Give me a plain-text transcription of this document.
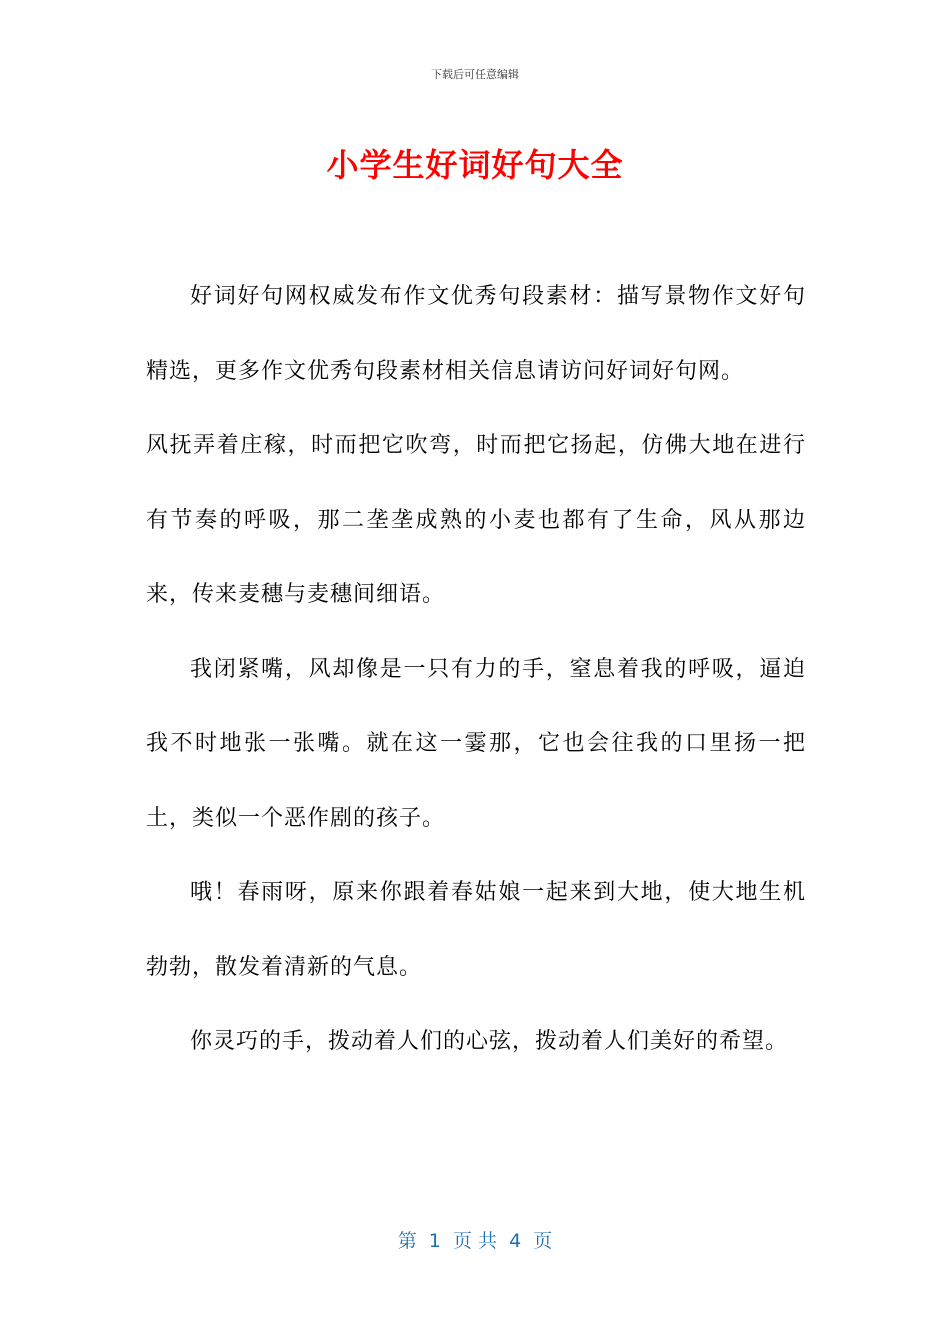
下载后可任意编辑
小学生好词好句大全

好词好句网权威发布作文优秀句段素材：描写景物作文好句精选，更多作文优秀句段素材相关信息请访问好词好句网。

风抚弄着庄稼，时而把它吹弯，时而把它扬起，仿佛大地在进行有节奏的呼吸，那二垄垄成熟的小麦也都有了生命，风从那边来，传来麦穗与麦穗间细语。

我闭紧嘴，风却像是一只有力的手，窒息着我的呼吸，逼迫我不时地张一张嘴。就在这一霎那，它也会往我的口里扬一把土，类似一个恶作剧的孩子。

哦！春雨呀，原来你跟着春姑娘一起来到大地，使大地生机勃勃，散发着清新的气息。

你灵巧的手，拨动着人们的心弦，拨动着人们美好的希望。

第  1  页 共  4  页
